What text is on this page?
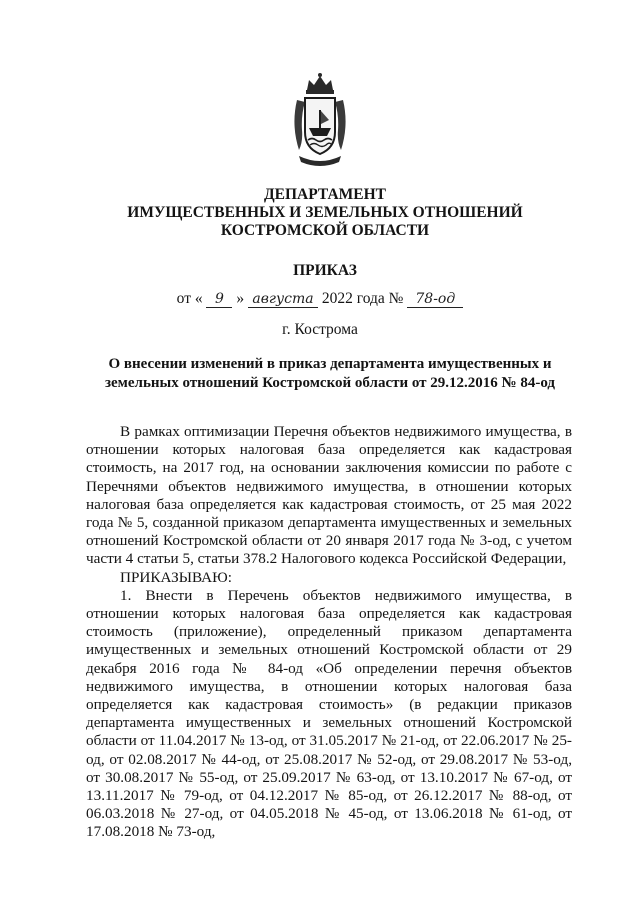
ДЕПАРТАМЕНТ
ИМУЩЕСТВЕННЫХ И ЗЕМЕЛЬНЫХ ОТНОШЕНИЙ
КОСТРОМСКОЙ ОБЛАСТИ
ПРИКАЗ
от « 9 » августа 2022 года № 78-од
г. Кострома
О внесении изменений в приказ департамента имущественных и земельных отношений Костромской области от 29.12.2016 № 84-од

В рамках оптимизации Перечня объектов недвижимого имущества, в отношении которых налоговая база определяется как кадастровая стоимость, на 2017 год, на основании заключения комиссии по работе с Перечнями объектов недвижимого имущества, в отношении которых налоговая база определяется как кадастровая стоимость, от 25 мая 2022 года № 5, созданной приказом департамента имущественных и земельных отношений Костромской области от 20 января 2017 года № 3-од, с учетом части 4 статьи 5, статьи 378.2 Налогового кодекса Российской Федерации,

ПРИКАЗЫВАЮ:

1. Внести в Перечень объектов недвижимого имущества, в отношении которых налоговая база определяется как кадастровая стоимость (приложение), определенный приказом департамента имущественных и земельных отношений Костромской области от 29 декабря 2016 года № 84-од «Об определении перечня объектов недвижимого имущества, в отношении которых налоговая база определяется как кадастровая стоимость» (в редакции приказов департамента имущественных и земельных отношений Костромской области от 11.04.2017 № 13-од, от 31.05.2017 № 21-од, от 22.06.2017 № 25-од, от 02.08.2017 № 44-од, от 25.08.2017 № 52-од, от 29.08.2017 № 53-од, от 30.08.2017 № 55-од, от 25.09.2017 № 63-од, от 13.10.2017 № 67-од, от 13.11.2017 № 79-од, от 04.12.2017 № 85-од, от 26.12.2017 № 88-од, от 06.03.2018 № 27-од, от 04.05.2018 № 45-од, от 13.06.2018 № 61-од, от 17.08.2018 № 73-од,
